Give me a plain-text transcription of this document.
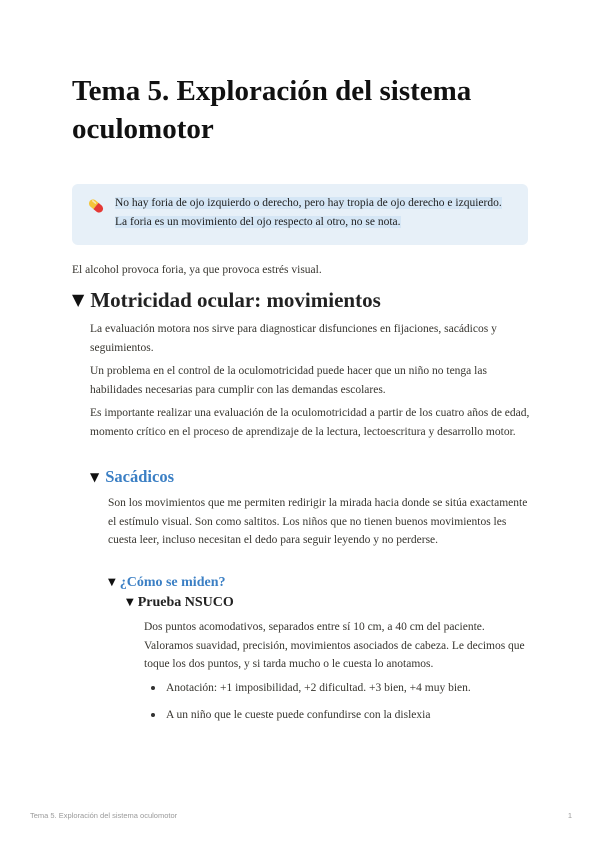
Tema 5. Exploración del sistema oculomotor
No hay foria de ojo izquierdo o derecho, pero hay tropia de ojo derecho e izquierdo. La foria es un movimiento del ojo respecto al otro, no se nota.

El alcohol provoca foria, ya que provoca estrés visual.

▼ Motricidad ocular: movimientos

La evaluación motora nos sirve para diagnosticar disfunciones en fijaciones, sacádicos y seguimientos.

Un problema en el control de la oculomotricidad puede hacer que un niño no tenga las habilidades necesarias para cumplir con las demandas escolares.

Es importante realizar una evaluación de la oculomotricidad a partir de los cuatro años de edad, momento crítico en el proceso de aprendizaje de la lectura, lectoescritura y desarrollo motor.

▼ Sacádicos

Son los movimientos que me permiten redirigir la mirada hacia donde se sitúa exactamente el estímulo visual. Son como saltitos. Los niños que no tienen buenos movimientos les cuesta leer, incluso necesitan el dedo para seguir leyendo y no perderse.

▼ ¿Cómo se miden?
▼ Prueba NSUCO

Dos puntos acomodativos, separados entre sí 10 cm, a 40 cm del paciente. Valoramos suavidad, precisión, movimientos asociados de cabeza. Le decimos que toque los dos puntos, y si tarda mucho o le cuesta lo anotamos.

Anotación: +1 imposibilidad, +2 dificultad. +3 bien, +4 muy bien.
A un niño que le cueste puede confundirse con la dislexia
Tema 5. Exploración del sistema oculomotor	1
